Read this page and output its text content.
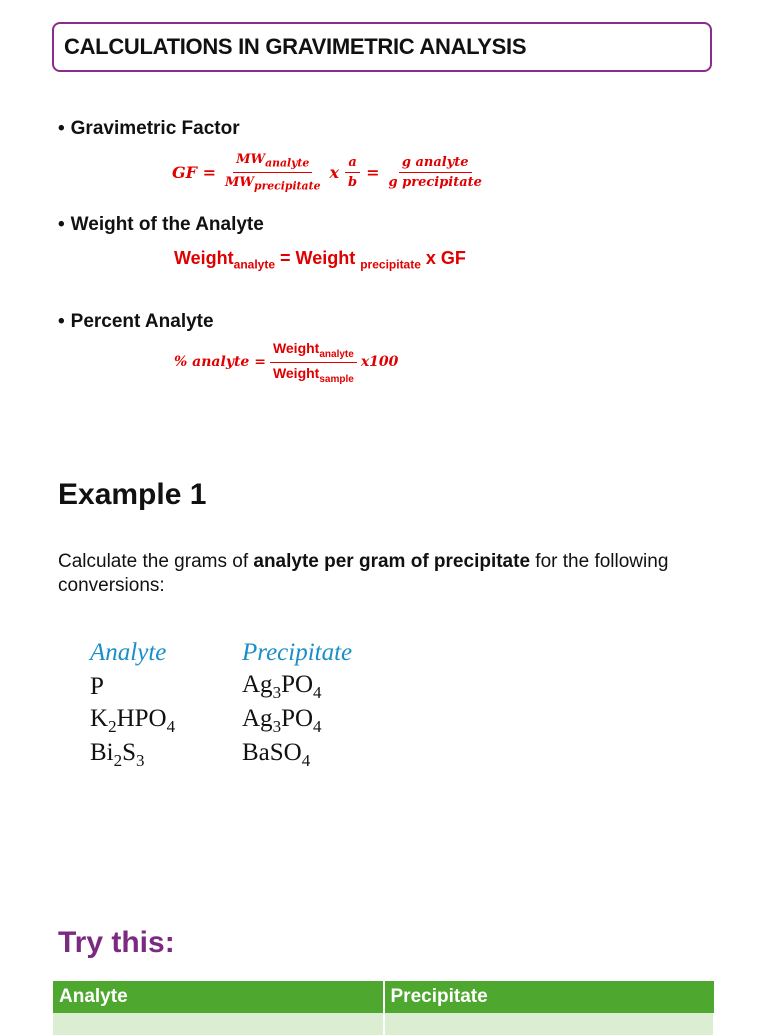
CALCULATIONS IN GRAVIMETRIC ANALYSIS
• Gravimetric Factor
GF = $\frac{MW_{analyte}}{MW_{precipitate}}$ x $\frac{a}{b} = \frac{\text{g analyte}}{\text{g precipitate}}$
• Weight of the Analyte
Weight$_{analyte}$ = Weight $_{precipitate}$ x GF
• Percent Analyte
% analyte = $\frac{Weight_{analyte}}{Weight_{sample}} x100$
Example 1
Calculate the grams of analyte per gram of precipitate for the following conversions:
Analyte	Precipitate
P	$Ag_3PO_4$
$K_2HPO_4$	$Ag_3PO_4$
$Bi_2S_3$	BaSO$_4$
Try this:
Analyte	Precipitate
